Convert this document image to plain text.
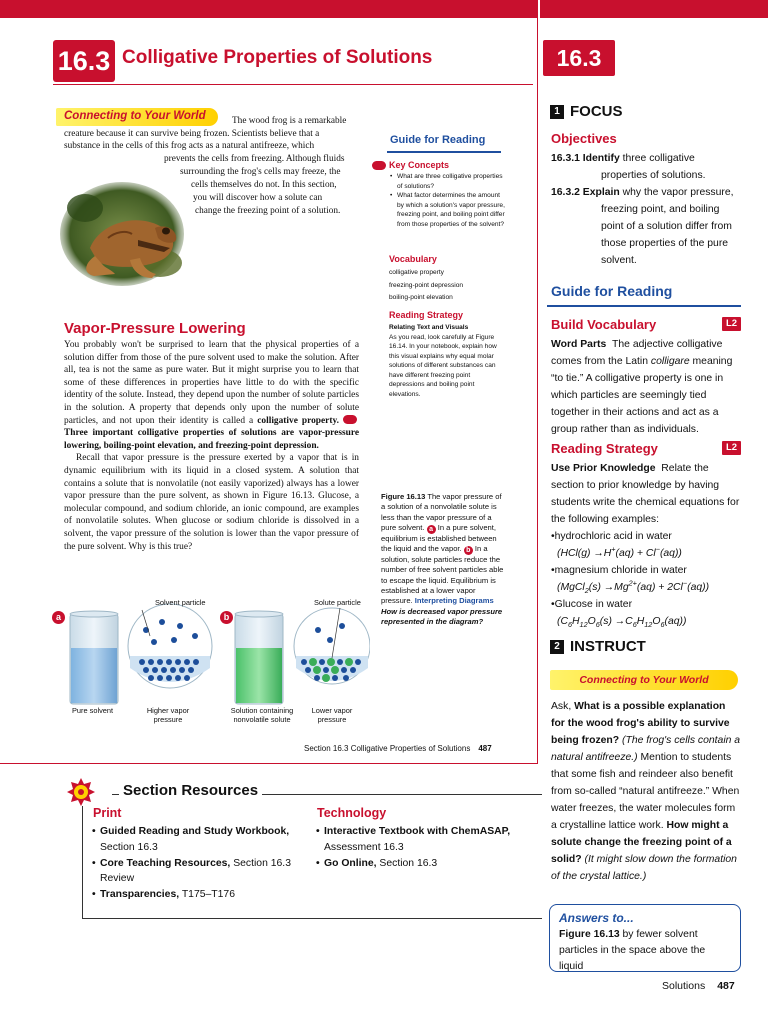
16.3 Colligative Properties of Solutions
Connecting to Your World	The wood frog is a remarkable
creature because it can survive being frozen. Scientists believe that a
substance in the cells of this frog acts as a natural antifreeze, which
prevents the cells from freezing. Although fluids
surrounding the frog's cells may freeze, the
cells themselves do not. In this section,
you will discover how a solute can
change the freezing point of a solution.
Vapor-Pressure Lowering

You probably won't be surprised to learn that the physical properties of a solution differ from those of the pure solvent used to make the solution. After all, tea is not the same as pure water. But it might surprise you to learn that some of these differences in properties have little to do with the specific identity of the solute. Instead, they depend upon the number of solute particles in the solution. A property that depends only upon the number of solute particles, and not upon their identity is called a colligative property. Three important colligative properties of solutions are vapor-pressure lowering, boiling-point elevation, and freezing-point depression.

Recall that vapor pressure is the pressure exerted by a vapor that is in dynamic equilibrium with its liquid in a closed system. A solution that contains a solute that is nonvolatile (not easily vaporized) always has a lower vapor pressure than the pure solvent, as shown in Figure 16.13. Glucose, a molecular compound, and sodium chloride, an ionic compound, are examples of nonvolatile solutes. When glucose or sodium chloride is dissolved in a solvent, the vapor pressure of the solution is lower than the vapor pressure of the pure solvent. Why is this true?

Guide for Reading
Key Concepts
• What are three colligative properties of solutions?
• What factor determines the amount by which a solution's vapor pressure, freezing point, and boiling point differ from those properties of the solvent?
Vocabulary
colligative property
freezing-point depression
boiling-point elevation
Reading Strategy
Relating Text and Visuals
As you read, look carefully at Figure 16.14. In your notebook, explain how this visual explains why equal molar solutions of different substances can have different freezing point depressions and boiling point elevations.
Figure 16.13 The vapor pressure of a solution of a nonvolatile solute is less than the vapor pressure of a pure solvent. a In a pure solvent, equilibrium is established between the liquid and the vapor. b In a solution, solute particles reduce the number of free solvent particles able to escape the liquid. Equilibrium is established at a lower vapor pressure. Interpreting Diagrams How is decreased vapor pressure represented in the diagram?
Solvent particle	Solute particle
a	b
Pure solvent	Higher vapor
pressure
Solution containing
nonvolatile solute
Lower vapor
pressure
Section 16.3 Colligative Properties of Solutions 487
Section Resources
Print
• Guided Reading and Study Workbook,
Section 16.3
• Core Teaching Resources, Section 16.3
Review
• Transparencies, T175–T176
Technology
• Interactive Textbook with ChemASAP,
Assessment 16.3
• Go Online, Section 16.3
16.3
1 FOCUS
Objectives

16.3.1 Identify three colligative properties of solutions.

16.3.2 Explain why the vapor pressure, freezing point, and boiling point of a solution differ from those properties of the pure solvent.

Guide for Reading
Build Vocabulary	L2
Word Parts The adjective colligative comes from the Latin colligare meaning “to tie.” A colligative property is one in which particles are seemingly tied together in their actions and act as a group rather than as individuals.
Reading Strategy	L2
Use Prior Knowledge Relate the section to prior knowledge by having students write the chemical equations for the following examples:
•hydrochloric acid in water
(HCl(g) →H+(aq) + Cl−(aq))
•magnesium chloride in water
(MgCl$_2$(s) $\to Mg^{2+}(aq) + 2Cl^-(aq)$)
•Glucose in water
$(C_6H_{12}O_6(s) \to C_6H_{12}O_6(aq))$
2 INSTRUCT
Connecting to Your World
Ask, What is a possible explanation for the wood frog's ability to survive being frozen? (The frog's cells contain a natural antifreeze.) Mention to students that some fish and reindeer also benefit from so-called “natural antifreeze.” When water freezes, the water molecules form a crystalline lattice work. How might a solute change the freezing point of a solid? (It might slow down the formation of the crystal lattice.)
Answers to...
Figure 16.13 by fewer solvent particles in the space above the liquid
Solutions 487
